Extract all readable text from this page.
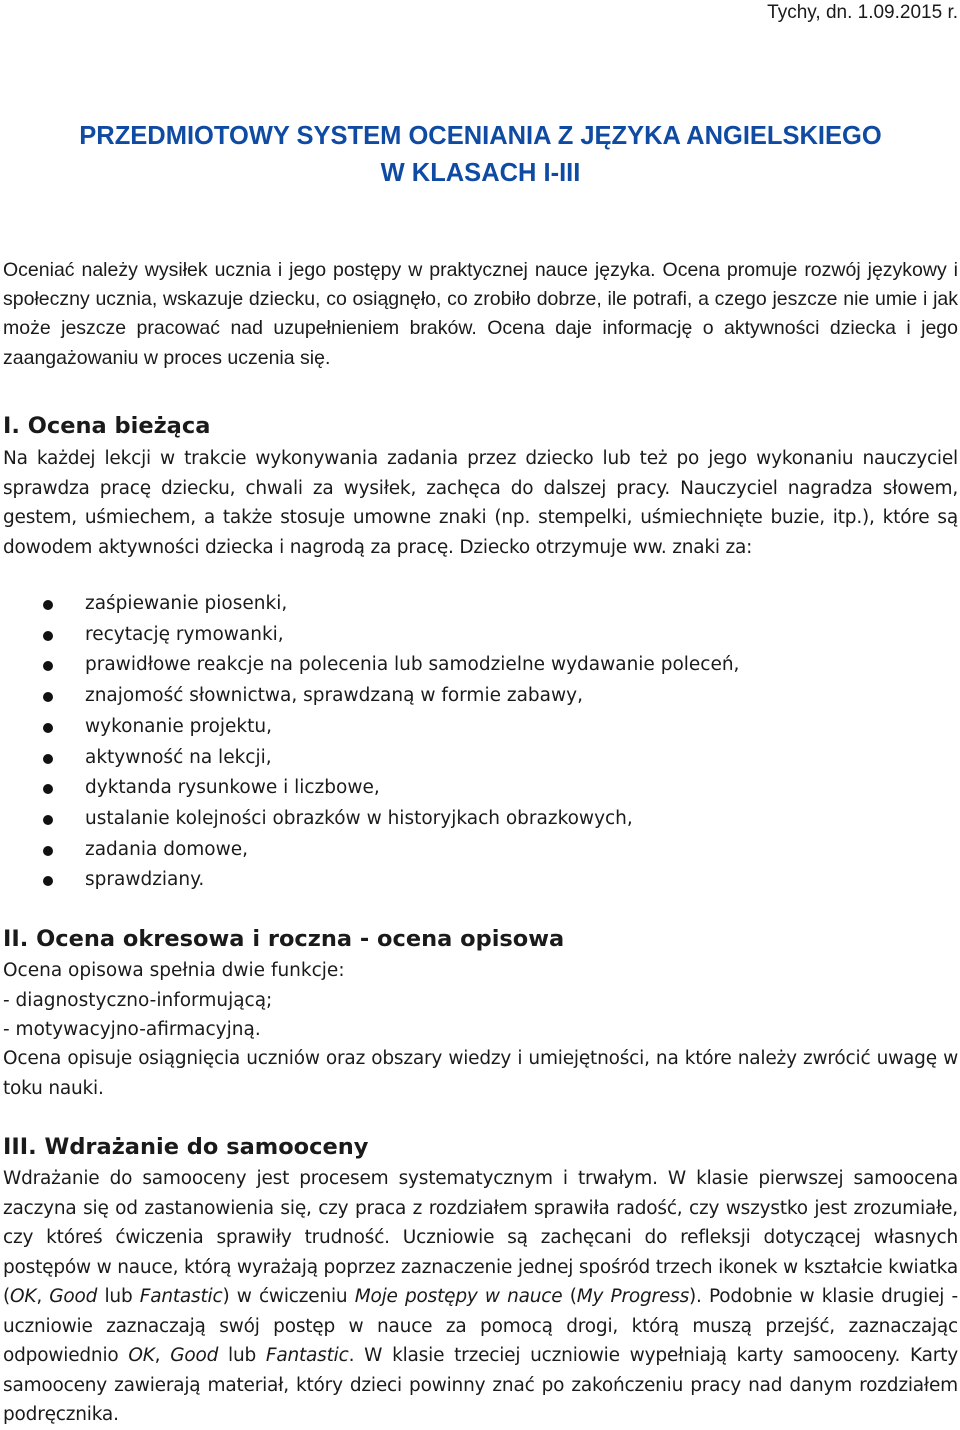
Tychy, dn. 1.09.2015 r.
PRZEDMIOTOWY SYSTEM OCENIANIA Z JĘZYKA ANGIELSKIEGO
W KLASACH I-III

Oceniać należy wysiłek ucznia i jego postępy w praktycznej nauce języka. Ocena promuje rozwój językowy i społeczny ucznia, wskazuje dziecku, co osiągnęło, co zrobiło dobrze, ile potrafi, a czego jeszcze nie umie i jak może jeszcze pracować nad uzupełnieniem braków. Ocena daje informację o aktywności dziecka i jego zaangażowaniu w proces uczenia się.

I. Ocena bieżąca

Na każdej lekcji w trakcie wykonywania zadania przez dziecko lub też po jego wykonaniu nauczyciel sprawdza pracę dziecku, chwali za wysiłek, zachęca do dalszej pracy. Nauczyciel nagradza słowem, gestem, uśmiechem, a także stosuje umowne znaki (np. stempelki, uśmiechnięte buzie, itp.), które są dowodem aktywności dziecka i nagrodą za pracę. Dziecko otrzymuje ww. znaki za:

zaśpiewanie piosenki,
recytację rymowanki,
prawidłowe reakcje na polecenia lub samodzielne wydawanie poleceń,
znajomość słownictwa, sprawdzaną w formie zabawy,
wykonanie projektu,
aktywność na lekcji,
dyktanda rysunkowe i liczbowe,
ustalanie kolejności obrazków w historyjkach obrazkowych,
zadania domowe,
sprawdziany.
II. Ocena okresowa i roczna - ocena opisowa
Ocena opisowa spełnia dwie funkcje:
- diagnostyczno-informującą;
- motywacyjno-afirmacyjną.

Ocena opisuje osiągnięcia uczniów oraz obszary wiedzy i umiejętności, na które należy zwrócić uwagę w toku nauki.

III. Wdrażanie do samooceny

Wdrażanie do samooceny jest procesem systematycznym i trwałym. W klasie pierwszej samoocena zaczyna się od zastanowienia się, czy praca z rozdziałem sprawiła radość, czy wszystko jest zrozumiałe, czy któreś ćwiczenia sprawiły trudność. Uczniowie są zachęcani do refleksji dotyczącej własnych postępów w nauce, którą wyrażają poprzez zaznaczenie jednej spośród trzech ikonek w kształcie kwiatka (OK, Good lub Fantastic) w ćwiczeniu Moje postępy w nauce (My Progress). Podobnie w klasie drugiej - uczniowie zaznaczają swój postęp w nauce za pomocą drogi, którą muszą przejść, zaznaczając odpowiednio OK, Good lub Fantastic. W klasie trzeciej uczniowie wypełniają karty samooceny. Karty samooceny zawierają materiał, który dzieci powinny znać po zakończeniu pracy nad danym rozdziałem podręcznika.
